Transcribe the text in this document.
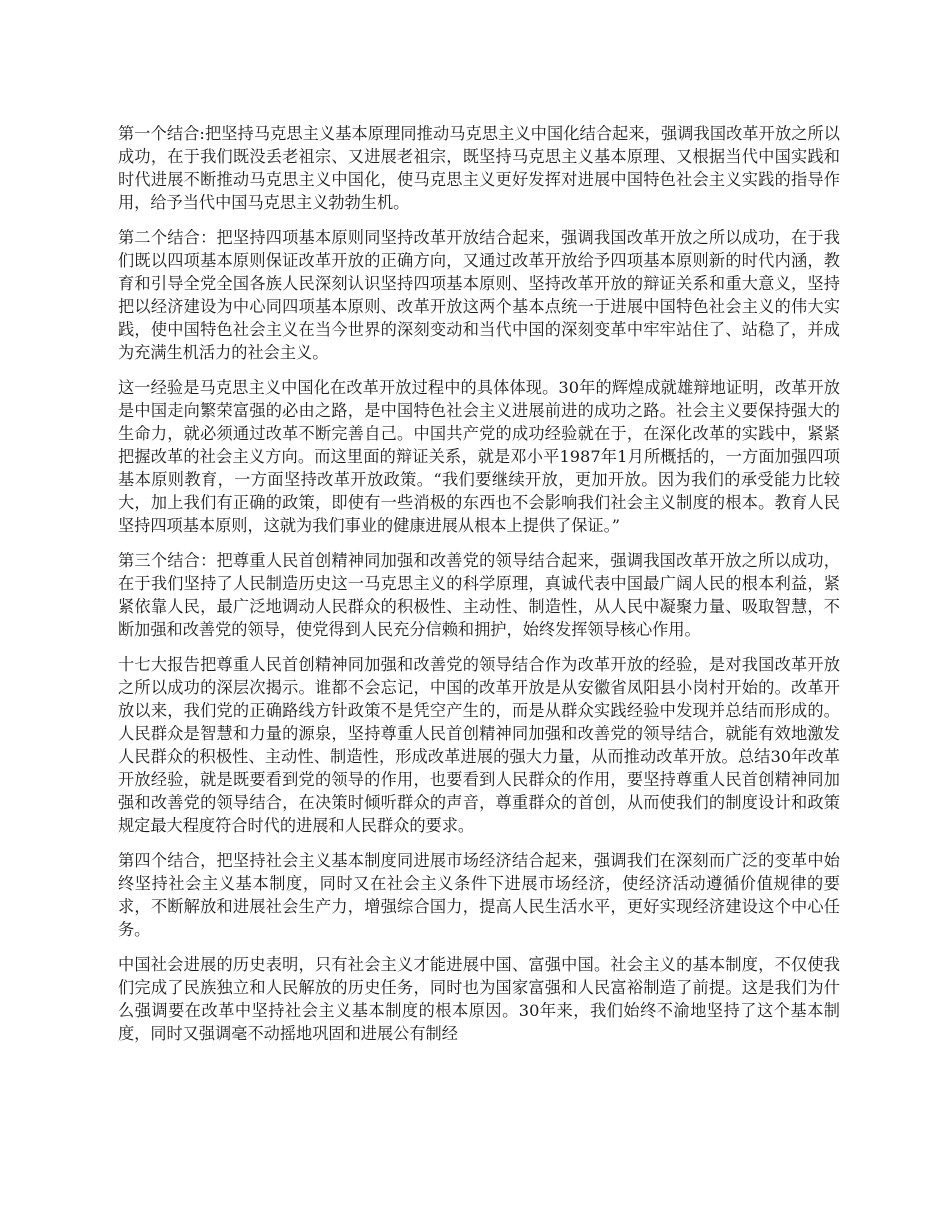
第一个结合:把坚持马克思主义基本原理同推动马克思主义中国化结合起来，强调我国改革开放之所以成功，在于我们既没丢老祖宗、又进展老祖宗，既坚持马克思主义基本原理、又根据当代中国实践和时代进展不断推动马克思主义中国化，使马克思主义更好发挥对进展中国特色社会主义实践的指导作用，给予当代中国马克思主义勃勃生机。

第二个结合：把坚持四项基本原则同坚持改革开放结合起来，强调我国改革开放之所以成功，在于我们既以四项基本原则保证改革开放的正确方向，又通过改革开放给予四项基本原则新的时代内涵，教育和引导全党全国各族人民深刻认识坚持四项基本原则、坚持改革开放的辩证关系和重大意义，坚持把以经济建设为中心同四项基本原则、改革开放这两个基本点统一于进展中国特色社会主义的伟大实践，使中国特色社会主义在当今世界的深刻变动和当代中国的深刻变革中牢牢站住了、站稳了，并成为充满生机活力的社会主义。

这一经验是马克思主义中国化在改革开放过程中的具体体现。30年的辉煌成就雄辩地证明，改革开放是中国走向繁荣富强的必由之路，是中国特色社会主义进展前进的成功之路。社会主义要保持强大的生命力，就必须通过改革不断完善自己。中国共产党的成功经验就在于，在深化改革的实践中，紧紧把握改革的社会主义方向。而这里面的辩证关系，就是邓小平1987年1月所概括的，一方面加强四项基本原则教育，一方面坚持改革开放政策。“我们要继续开放，更加开放。因为我们的承受能力比较大，加上我们有正确的政策，即使有一些消极的东西也不会影响我们社会主义制度的根本。教育人民坚持四项基本原则，这就为我们事业的健康进展从根本上提供了保证。”

第三个结合：把尊重人民首创精神同加强和改善党的领导结合起来，强调我国改革开放之所以成功，在于我们坚持了人民制造历史这一马克思主义的科学原理，真诚代表中国最广阔人民的根本利益，紧紧依靠人民，最广泛地调动人民群众的积极性、主动性、制造性，从人民中凝聚力量、吸取智慧，不断加强和改善党的领导，使党得到人民充分信赖和拥护，始终发挥领导核心作用。

十七大报告把尊重人民首创精神同加强和改善党的领导结合作为改革开放的经验，是对我国改革开放之所以成功的深层次揭示。谁都不会忘记，中国的改革开放是从安徽省凤阳县小岗村开始的。改革开放以来，我们党的正确路线方针政策不是凭空产生的，而是从群众实践经验中发现并总结而形成的。人民群众是智慧和力量的源泉，坚持尊重人民首创精神同加强和改善党的领导结合，就能有效地激发人民群众的积极性、主动性、制造性，形成改革进展的强大力量，从而推动改革开放。总结30年改革开放经验，就是既要看到党的领导的作用，也要看到人民群众的作用，要坚持尊重人民首创精神同加强和改善党的领导结合，在决策时倾听群众的声音，尊重群众的首创，从而使我们的制度设计和政策规定最大程度符合时代的进展和人民群众的要求。

第四个结合，把坚持社会主义基本制度同进展市场经济结合起来，强调我们在深刻而广泛的变革中始终坚持社会主义基本制度，同时又在社会主义条件下进展市场经济，使经济活动遵循价值规律的要求，不断解放和进展社会生产力，增强综合国力，提高人民生活水平，更好实现经济建设这个中心任务。

中国社会进展的历史表明，只有社会主义才能进展中国、富强中国。社会主义的基本制度，不仅使我们完成了民族独立和人民解放的历史任务，同时也为国家富强和人民富裕制造了前提。这是我们为什么强调要在改革中坚持社会主义基本制度的根本原因。30年来，我们始终不渝地坚持了这个基本制度，同时又强调毫不动摇地巩固和进展公有制经
